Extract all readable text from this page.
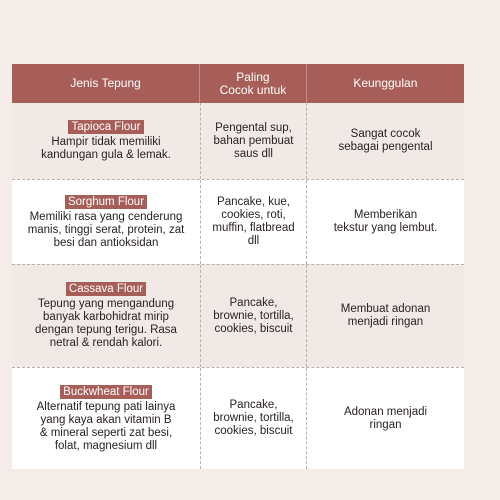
Jenis Tepung	Paling
Cocok untuk	Keunggulan
Tapioca Flour
Hampir tidak memiliki
kandungan gula & lemak.
Pengental sup,
bahan pembuat
saus dll
Sangat cocok
sebagai pengental
Sorghum Flour
Memiliki rasa yang cenderung
manis, tinggi serat, protein, zat
besi dan antioksidan
Pancake, kue,
cookies, roti,
muffin, flatbread
dll
Memberikan
tekstur yang lembut.
Cassava Flour
Tepung yang mengandung
banyak karbohidrat mirip
dengan tepung terigu. Rasa
netral & rendah kalori.
Pancake,
brownie, tortilla,
cookies, biscuit
Membuat adonan
menjadi ringan
Buckwheat Flour
Alternatif tepung pati lainya
yang kaya akan vitamin B
& mineral seperti zat besi,
folat, magnesium dll
Pancake,
brownie, tortilla,
cookies, biscuit
Adonan menjadi
ringan
